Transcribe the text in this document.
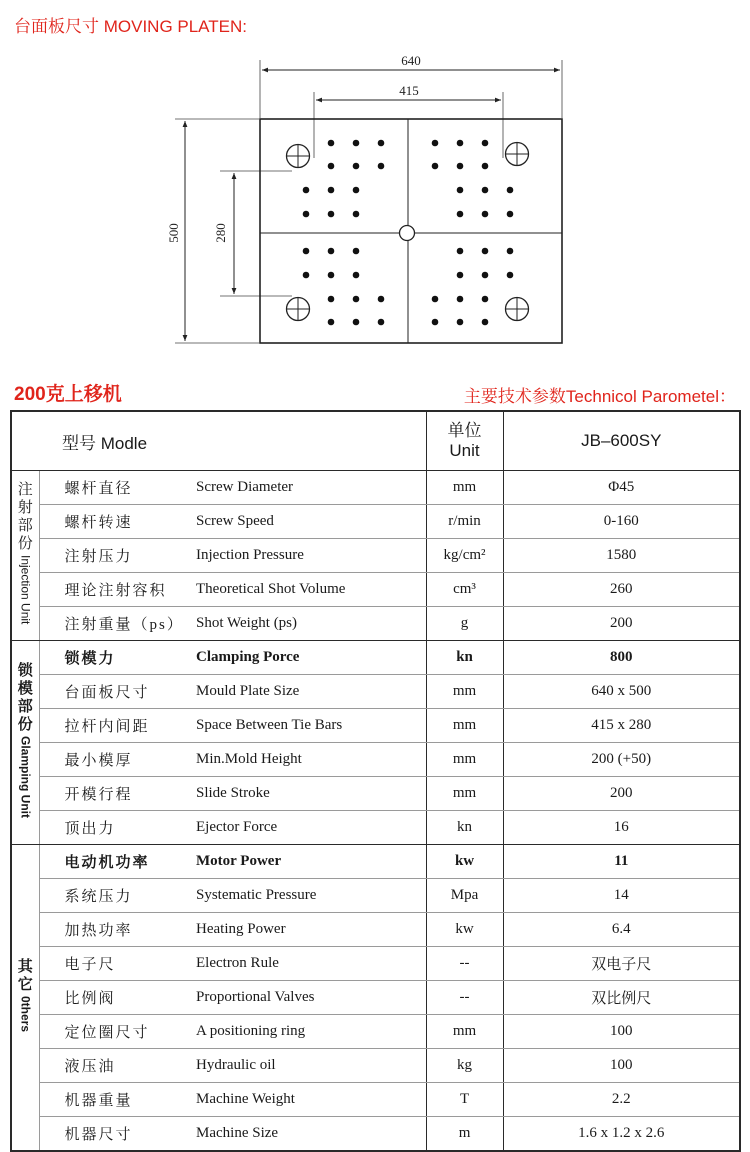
台面板尺寸 MOVING PLATEN:
640
415
500 280
200克上移机	主要技术参数Technicol Parometel：
型号 Modle			单位
Unit	JB–600SY

注射部份
Injection Unit	螺杆直径	Screw Diameter	mm	Φ45
	螺杆转速	Screw Speed	r/min	0-160
	注射压力	Injection Pressure	kg/cm²	1580
	理论注射容积	Theoretical Shot Volume	cm³	260
	注射重量（ps）	Shot Weight (ps)	g	200

锁模部份
Glamping Unit	锁模力	Clamping Porce	kn	800
	台面板尺寸	Mould Plate Size	mm	640 x 500
	拉杆内间距	Space Between Tie Bars	mm	415 x 280
	最小模厚	Min.Mold Height	mm	200 (+50)
	开模行程	Slide Stroke	mm	200
	顶出力	Ejector Force	kn	16

其它
0thers	电动机功率	Motor Power	kw	11
	系统压力	Systematic Pressure	Mpa	14
	加热功率	Heating Power	kw	6.4
	电子尺	Electron Rule	--	双电子尺
	比例阀	Proportional Valves	--	双比例尺
	定位圈尺寸	A positioning ring	mm	100
	液压油	Hydraulic oil	kg	100
	机器重量	Machine Weight	T	2.2
	机器尺寸	Machine Size	m	1.6 x 1.2 x 2.6
